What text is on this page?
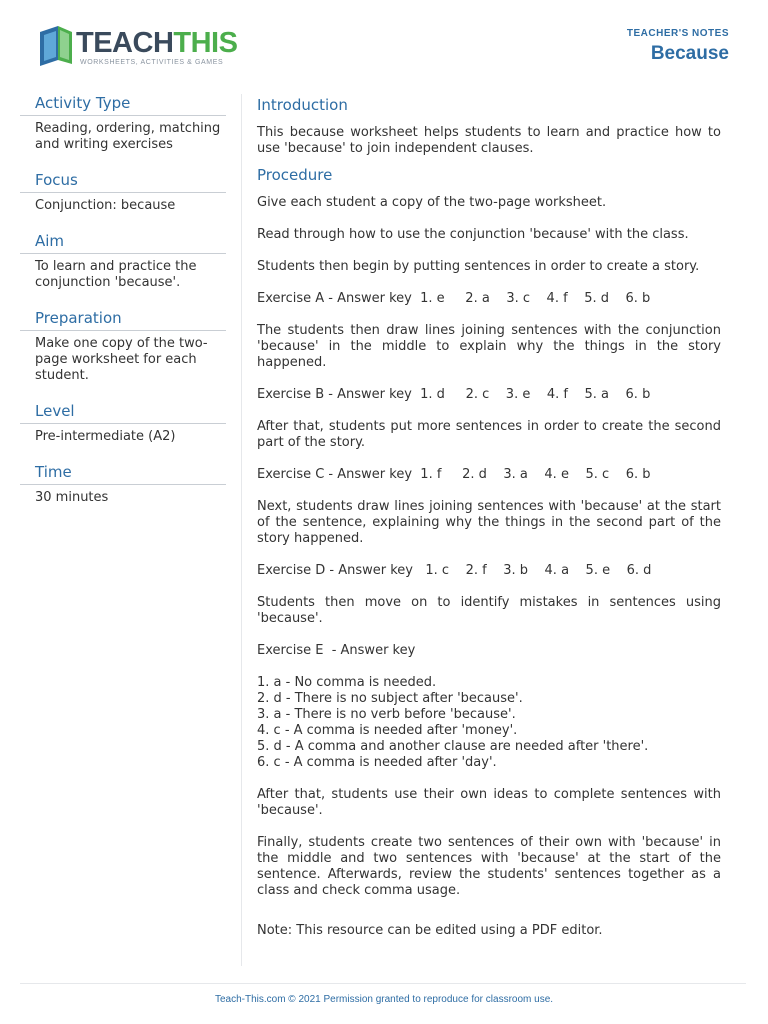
TEACHTHIS
WORKSHEETS, ACTIVITIES & GAMES
TEACHER'S NOTES
Because
Activity Type
Reading, ordering, matching and writing exercises
Focus
Conjunction: because
Aim
To learn and practice the conjunction 'because'.
Preparation
Make one copy of the two-page worksheet for each student.
Level
Pre-intermediate (A2)
Time
30 minutes
Introduction

This because worksheet helps students to learn and practice how to use 'because' to join independent clauses.

Procedure

Give each student a copy of the two-page worksheet.

Read through how to use the conjunction 'because' with the class.

Students then begin by putting sentences in order to create a story.

Exercise A - Answer key  1. e     2. a    3. c    4. f    5. d    6. b

The students then draw lines joining sentences with the conjunction 'because' in the middle to explain why the things in the story happened.

Exercise B - Answer key  1. d     2. c    3. e    4. f    5. a    6. b

After that, students put more sentences in order to create the second part of the story.

Exercise C - Answer key  1. f     2. d    3. a    4. e    5. c    6. b

Next, students draw lines joining sentences with 'because' at the start of the sentence, explaining why the things in the second part of the story happened.

Exercise D - Answer key   1. c    2. f    3. b    4. a    5. e    6. d

Students then move on to identify mistakes in sentences using 'because'.

Exercise E  - Answer key

1. a - No comma is needed.
2. d - There is no subject after 'because'.
3. a - There is no verb before 'because'.
4. c - A comma is needed after 'money'.
5. d - A comma and another clause are needed after 'there'.
6. c - A comma is needed after 'day'.

After that, students use their own ideas to complete sentences with 'because'.

Finally, students create two sentences of their own with 'because' in the middle and two sentences with 'because' at the start of the sentence. Afterwards, review the students' sentences together as a class and check comma usage.

Note: This resource can be edited using a PDF editor.

Teach-This.com © 2021 Permission granted to reproduce for classroom use.
